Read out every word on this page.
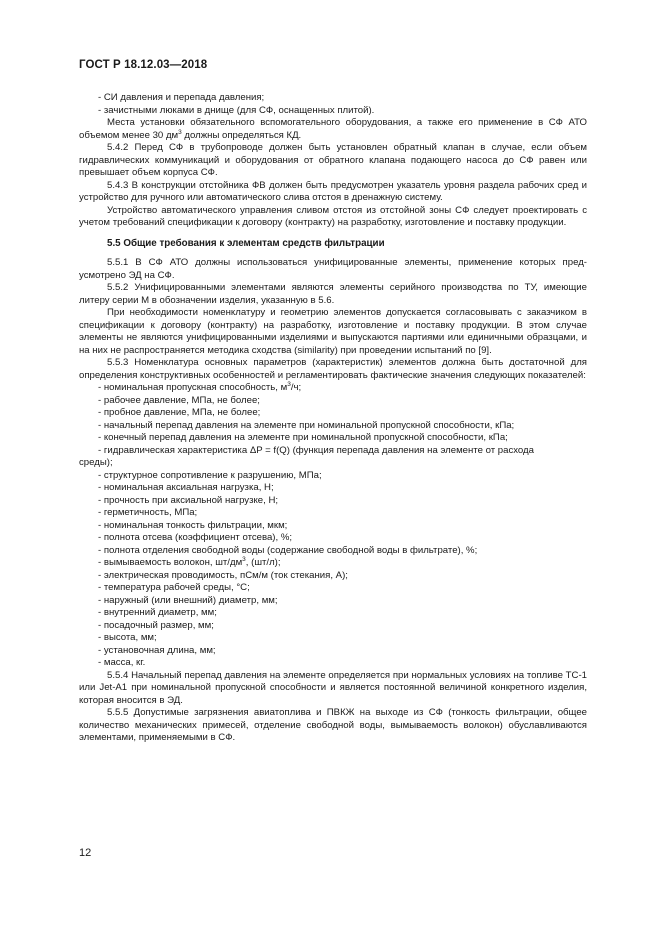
ГОСТ Р 18.12.03—2018

- СИ давления и перепада давления;

- зачистными люками в днище (для СФ, оснащенных плитой).

Места установки обязательного вспомогательного оборудования, а также его применение в СФ АТО объемом менее 30 $дм^3$ должны определяться КД.

5.4.2 Перед СФ в трубопроводе должен быть установлен обратный клапан в случае, если объем гидравлических коммуникаций и оборудования от обратного клапана подающего насоса до СФ равен или превышает объем корпуса СФ.

5.4.3 В конструкции отстойника ФВ должен быть предусмотрен указатель уровня раздела рабочих сред и устройство для ручного или автоматического слива отстоя в дренажную систему.

Устройство автоматического управления сливом отстоя из отстойной зоны СФ следует проектировать с учетом требований спецификации к договору (контракту) на разработку, изготовление и поставку продукции.

5.5 Общие требования к элементам средств фильтрации

5.5.1 В СФ АТО должны использоваться унифицированные элементы, применение которых предусмотрено ЭД на СФ.

5.5.2 Унифицированными элементами являются элементы серийного производства по ТУ, имеющие литеру серии М в обозначении изделия, указанную в 5.6.

При необходимости номенклатуру и геометрию элементов допускается согласовывать с заказчиком в спецификации к договору (контракту) на разработку, изготовление и поставку продукции. В этом случае элементы не являются унифицированными изделиями и выпускаются партиями или единичными образцами, и на них не распространяется методика сходства (similarity) при проведении испытаний по [9].

5.5.3 Номенклатура основных параметров (характеристик) элементов должна быть достаточной для определения конструктивных особенностей и регламентировать фактические значения следующих показателей:

- номинальная пропускная способность, $м^3/ч$;

- рабочее давление, МПа, не более;

- пробное давление, МПа, не более;

- начальный перепад давления на элементе при номинальной пропускной способности, кПа;

- конечный перепад давления на элементе при номинальной пропускной способности, кПа;

- гидравлическая характеристика ΔP = f(Q) (функция перепада давления на элементе от расхода

среды);

- структурное сопротивление к разрушению, МПа;

- номинальная аксиальная нагрузка, Н;

- прочность при аксиальной нагрузке, Н;

- герметичность, МПа;

- номинальная тонкость фильтрации, мкм;

- полнота отсева (коэффициент отсева), %;

- полнота отделения свободной воды (содержание свободной воды в фильтрате), %;

- вымываемость волокон, $шт/дм^3$, (шт/л);

- электрическая проводимость, пСм/м (ток стекания, А);

- температура рабочей среды, °С;

- наружный (или внешний) диаметр, мм;

- внутренний диаметр, мм;

- посадочный размер, мм;

- высота, мм;

- установочная длина, мм;

- масса, кг.

5.5.4 Начальный перепад давления на элементе определяется при нормальных условиях на топливе ТС-1 или Jet-A1 при номинальной пропускной способности и является постоянной величиной конкретного изделия, которая вносится в ЭД.

5.5.5 Допустимые загрязнения авиатоплива и ПВКЖ на выходе из СФ (тонкость фильтрации, общее количество механических примесей, отделение свободной воды, вымываемость волокон) обуславливаются элементами, применяемыми в СФ.

12
